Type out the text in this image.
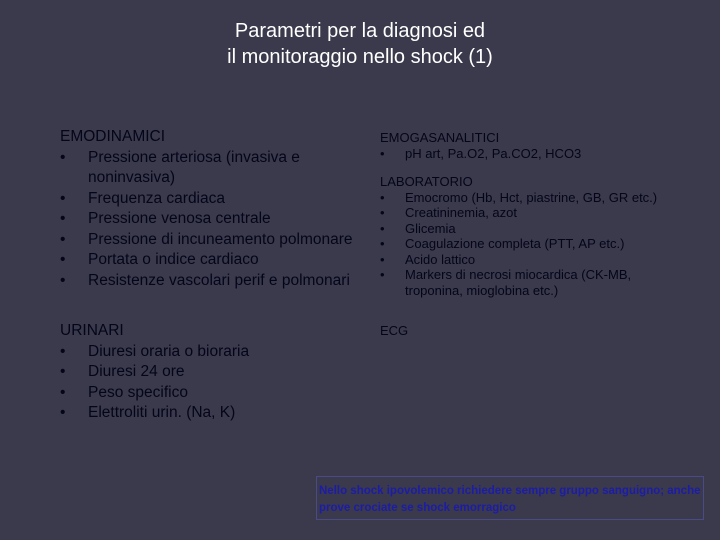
Parametri per la diagnosi ed
il monitoraggio nello shock (1)
EMODINAMICI
• Pressione arteriosa (invasiva e noninvasiva)
• Frequenza cardiaca
• Pressione venosa centrale
• Pressione di incuneamento polmonare
• Portata o indice cardiaco
• Resistenze vascolari perif e polmonari
URINARI
• Diuresi oraria o bioraria
• Diuresi 24 ore
• Peso specifico
• Elettroliti urin. (Na, K)
EMOGASANALITICI
• pH art, Pa.O2, Pa.CO2, HCO3
LABORATORIO
• Emocromo (Hb, Hct, piastrine, GB, GR etc.)
• Creatininemia, azot
• Glicemia
• Coagulazione completa (PTT, AP etc.)
• Acido lattico
• Markers di necrosi miocardica (CK-MB, troponina, mioglobina etc.)
ECG
Nello shock ipovolemico richiedere sempre gruppo sanguigno; anche prove crociate se shock emorragico
